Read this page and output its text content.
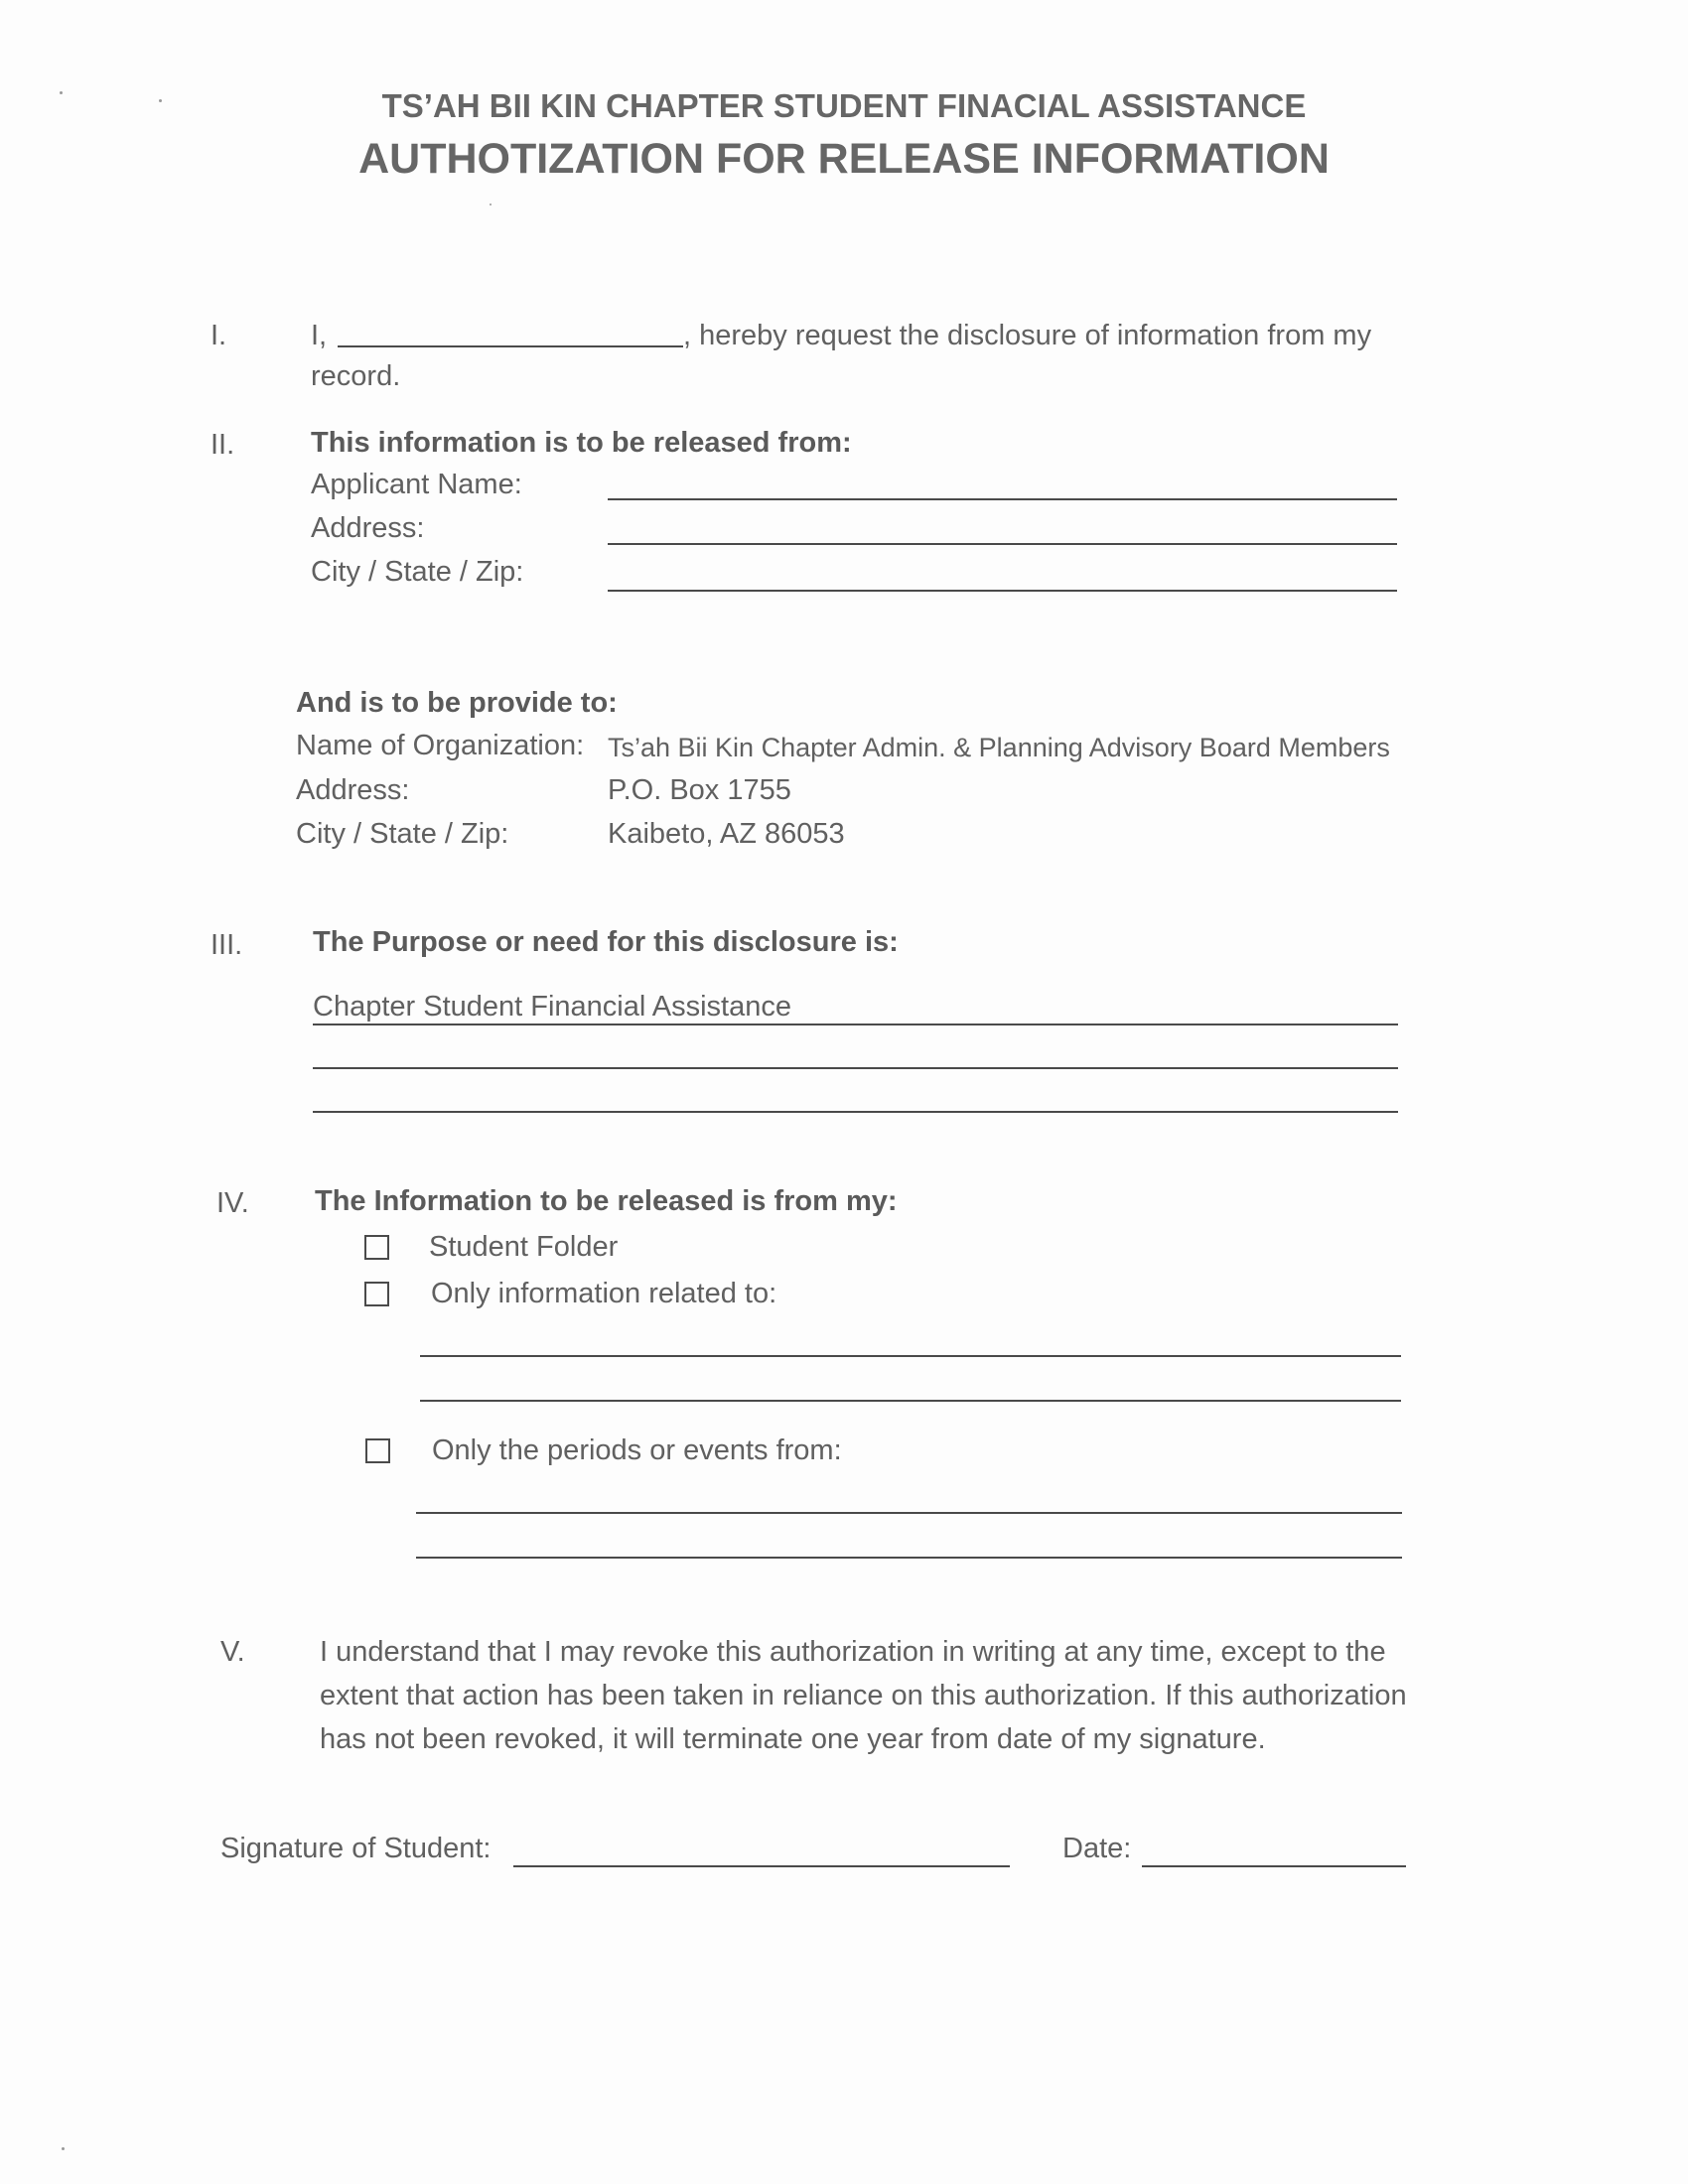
TS’AH BII KIN CHAPTER STUDENT FINACIAL ASSISTANCE
AUTHOTIZATION FOR RELEASE INFORMATION
I.	I,	, hereby request the disclosure of information from my
record.
II.	This information is to be released from:
Applicant Name:
Address:
City / State / Zip:
And is to be provide to:
Name of Organization: Ts’ah Bii Kin Chapter Admin. & Planning Advisory Board Members
Address:	P.O. Box 1755
City / State / Zip:	Kaibeto, AZ 86053
III. The Purpose or need for this disclosure is:
Chapter Student Financial Assistance
IV. The Information to be released is from my:
Student Folder
Only information related to:
Only the periods or events from:
V.	I understand that I may revoke this authorization in writing at any time, except to the
extent that action has been taken in reliance on this authorization. If this authorization
has not been revoked, it will terminate one year from date of my signature.
Signature of Student:	Date:
